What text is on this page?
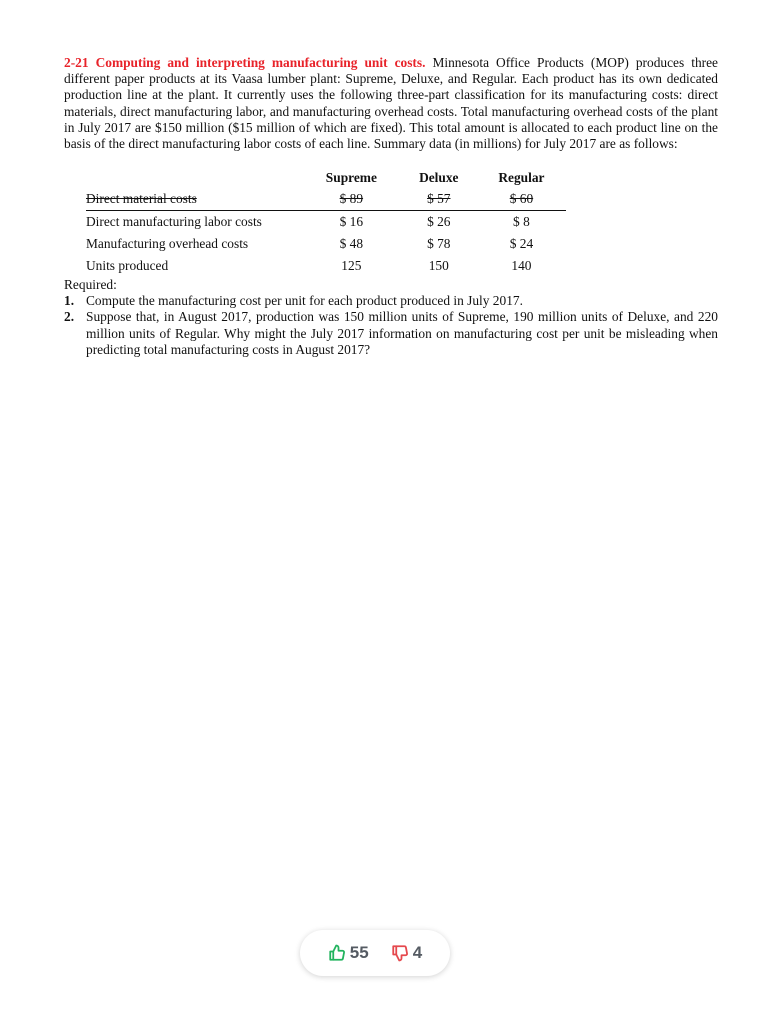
2-21 Computing and interpreting manufacturing unit costs. Minnesota Office Products (MOP) produces three different paper products at its Vaasa lumber plant: Supreme, Deluxe, and Regular. Each product has its own dedicated production line at the plant. It currently uses the following three-part classification for its manufacturing costs: direct materials, direct manufacturing labor, and manufacturing overhead costs. Total manufacturing overhead costs of the plant in July 2017 are $150 million ($15 million of which are fixed). This total amount is allocated to each product line on the basis of the direct manufacturing labor costs of each line. Summary data (in millions) for July 2017 are as follows:
	Supreme	Deluxe	Regular
Direct material costs	$ 89	$ 57	$ 60
Direct manufacturing labor costs	$ 16	$ 26	$ 8
Manufacturing overhead costs	$ 48	$ 78	$ 24
Units produced	125	150	140
Required:
1. Compute the manufacturing cost per unit for each product produced in July 2017.
2. Suppose that, in August 2017, production was 150 million units of Supreme, 190 million units of Deluxe, and 220 million units of Regular. Why might the July 2017 information on manufacturing cost per unit be misleading when predicting total manufacturing costs in August 2017?
55	4
